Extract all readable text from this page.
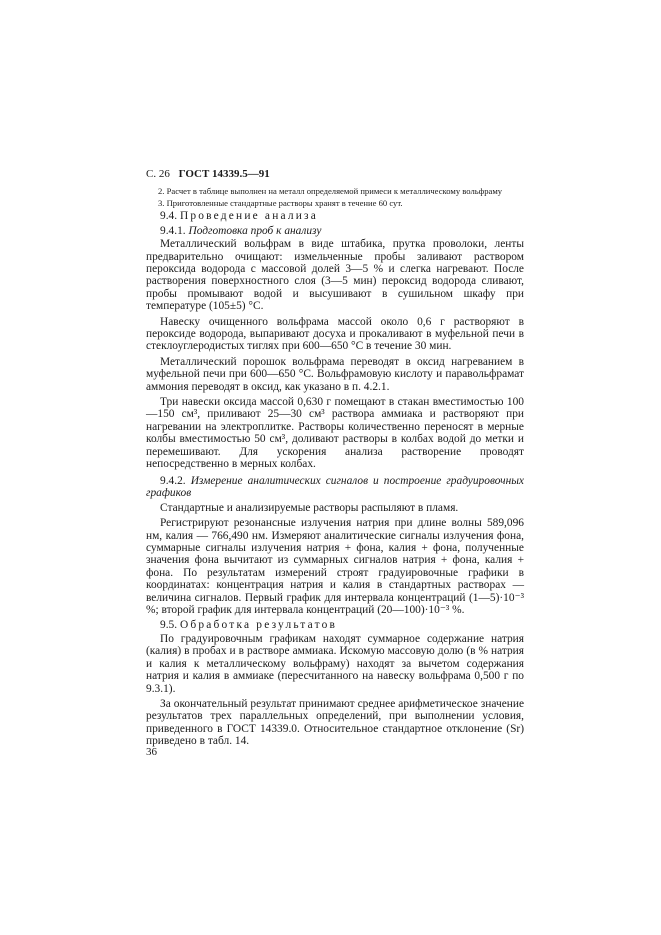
С. 26 ГОСТ 14339.5—91

2. Расчет в таблице выполнен на металл определяемой примеси к металлическому вольфраму

3. Приготовленные стандартные растворы хранят в течение 60 сут.

9.4. Проведение анализа
9.4.1. Подготовка проб к анализу

Металлический вольфрам в виде штабика, прутка проволоки, ленты предварительно очищают: измельченные пробы заливают раствором пероксида водорода с массовой долей 3—5 % и слегка нагревают. После растворения поверхностного слоя (3—5 мин) пероксид водорода сливают, пробы промывают водой и высушивают в сушильном шкафу при температуре (105±5) °С.

Навеску очищенного вольфрама массой около 0,6 г растворяют в пероксиде водорода, выпаривают досуха и прокаливают в муфельной печи в стеклоуглеродистых тиглях при 600—650 °С в течение 30 мин.

Металлический порошок вольфрама переводят в оксид нагреванием в муфельной печи при 600—650 °С. Вольфрамовую кислоту и паравольфрамат аммония переводят в оксид, как указано в п. 4.2.1.

Три навески оксида массой 0,630 г помещают в стакан вместимостью 100—150 см³, приливают 25—30 см³ раствора аммиака и растворяют при нагревании на электроплитке. Растворы количественно переносят в мерные колбы вместимостью 50 см³, доливают растворы в колбах водой до метки и перемешивают. Для ускорения анализа растворение проводят непосредственно в мерных колбах.

9.4.2. Измерение аналитических сигналов и построение градуировочных графиков

Стандартные и анализируемые растворы распыляют в пламя.

Регистрируют резонансные излучения натрия при длине волны 589,096 нм, калия — 766,490 нм. Измеряют аналитические сигналы излучения фона, суммарные сигналы излучения натрия + фона, калия + фона, полученные значения фона вычитают из суммарных сигналов натрия + фона, калия + фона. По результатам измерений строят градуировочные графики в координатах: концентрация натрия и калия в стандартных растворах — величина сигналов. Первый график для интервала концентраций (1—5)·10⁻³ %; второй график для интервала концентраций (20—100)·10⁻³ %.

9.5. Обработка результатов

По градуировочным графикам находят суммарное содержание натрия (калия) в пробах и в растворе аммиака. Искомую массовую долю (в % натрия и калия к металлическому вольфраму) находят за вычетом содержания натрия и калия в аммиаке (пересчитанного на навеску вольфрама 0,500 г по 9.3.1).

За окончательный результат принимают среднее арифметическое значение результатов трех параллельных определений, при выполнении условия, приведенного в ГОСТ 14339.0. Относительное стандартное отклонение (Sr) приведено в табл. 14.

36
